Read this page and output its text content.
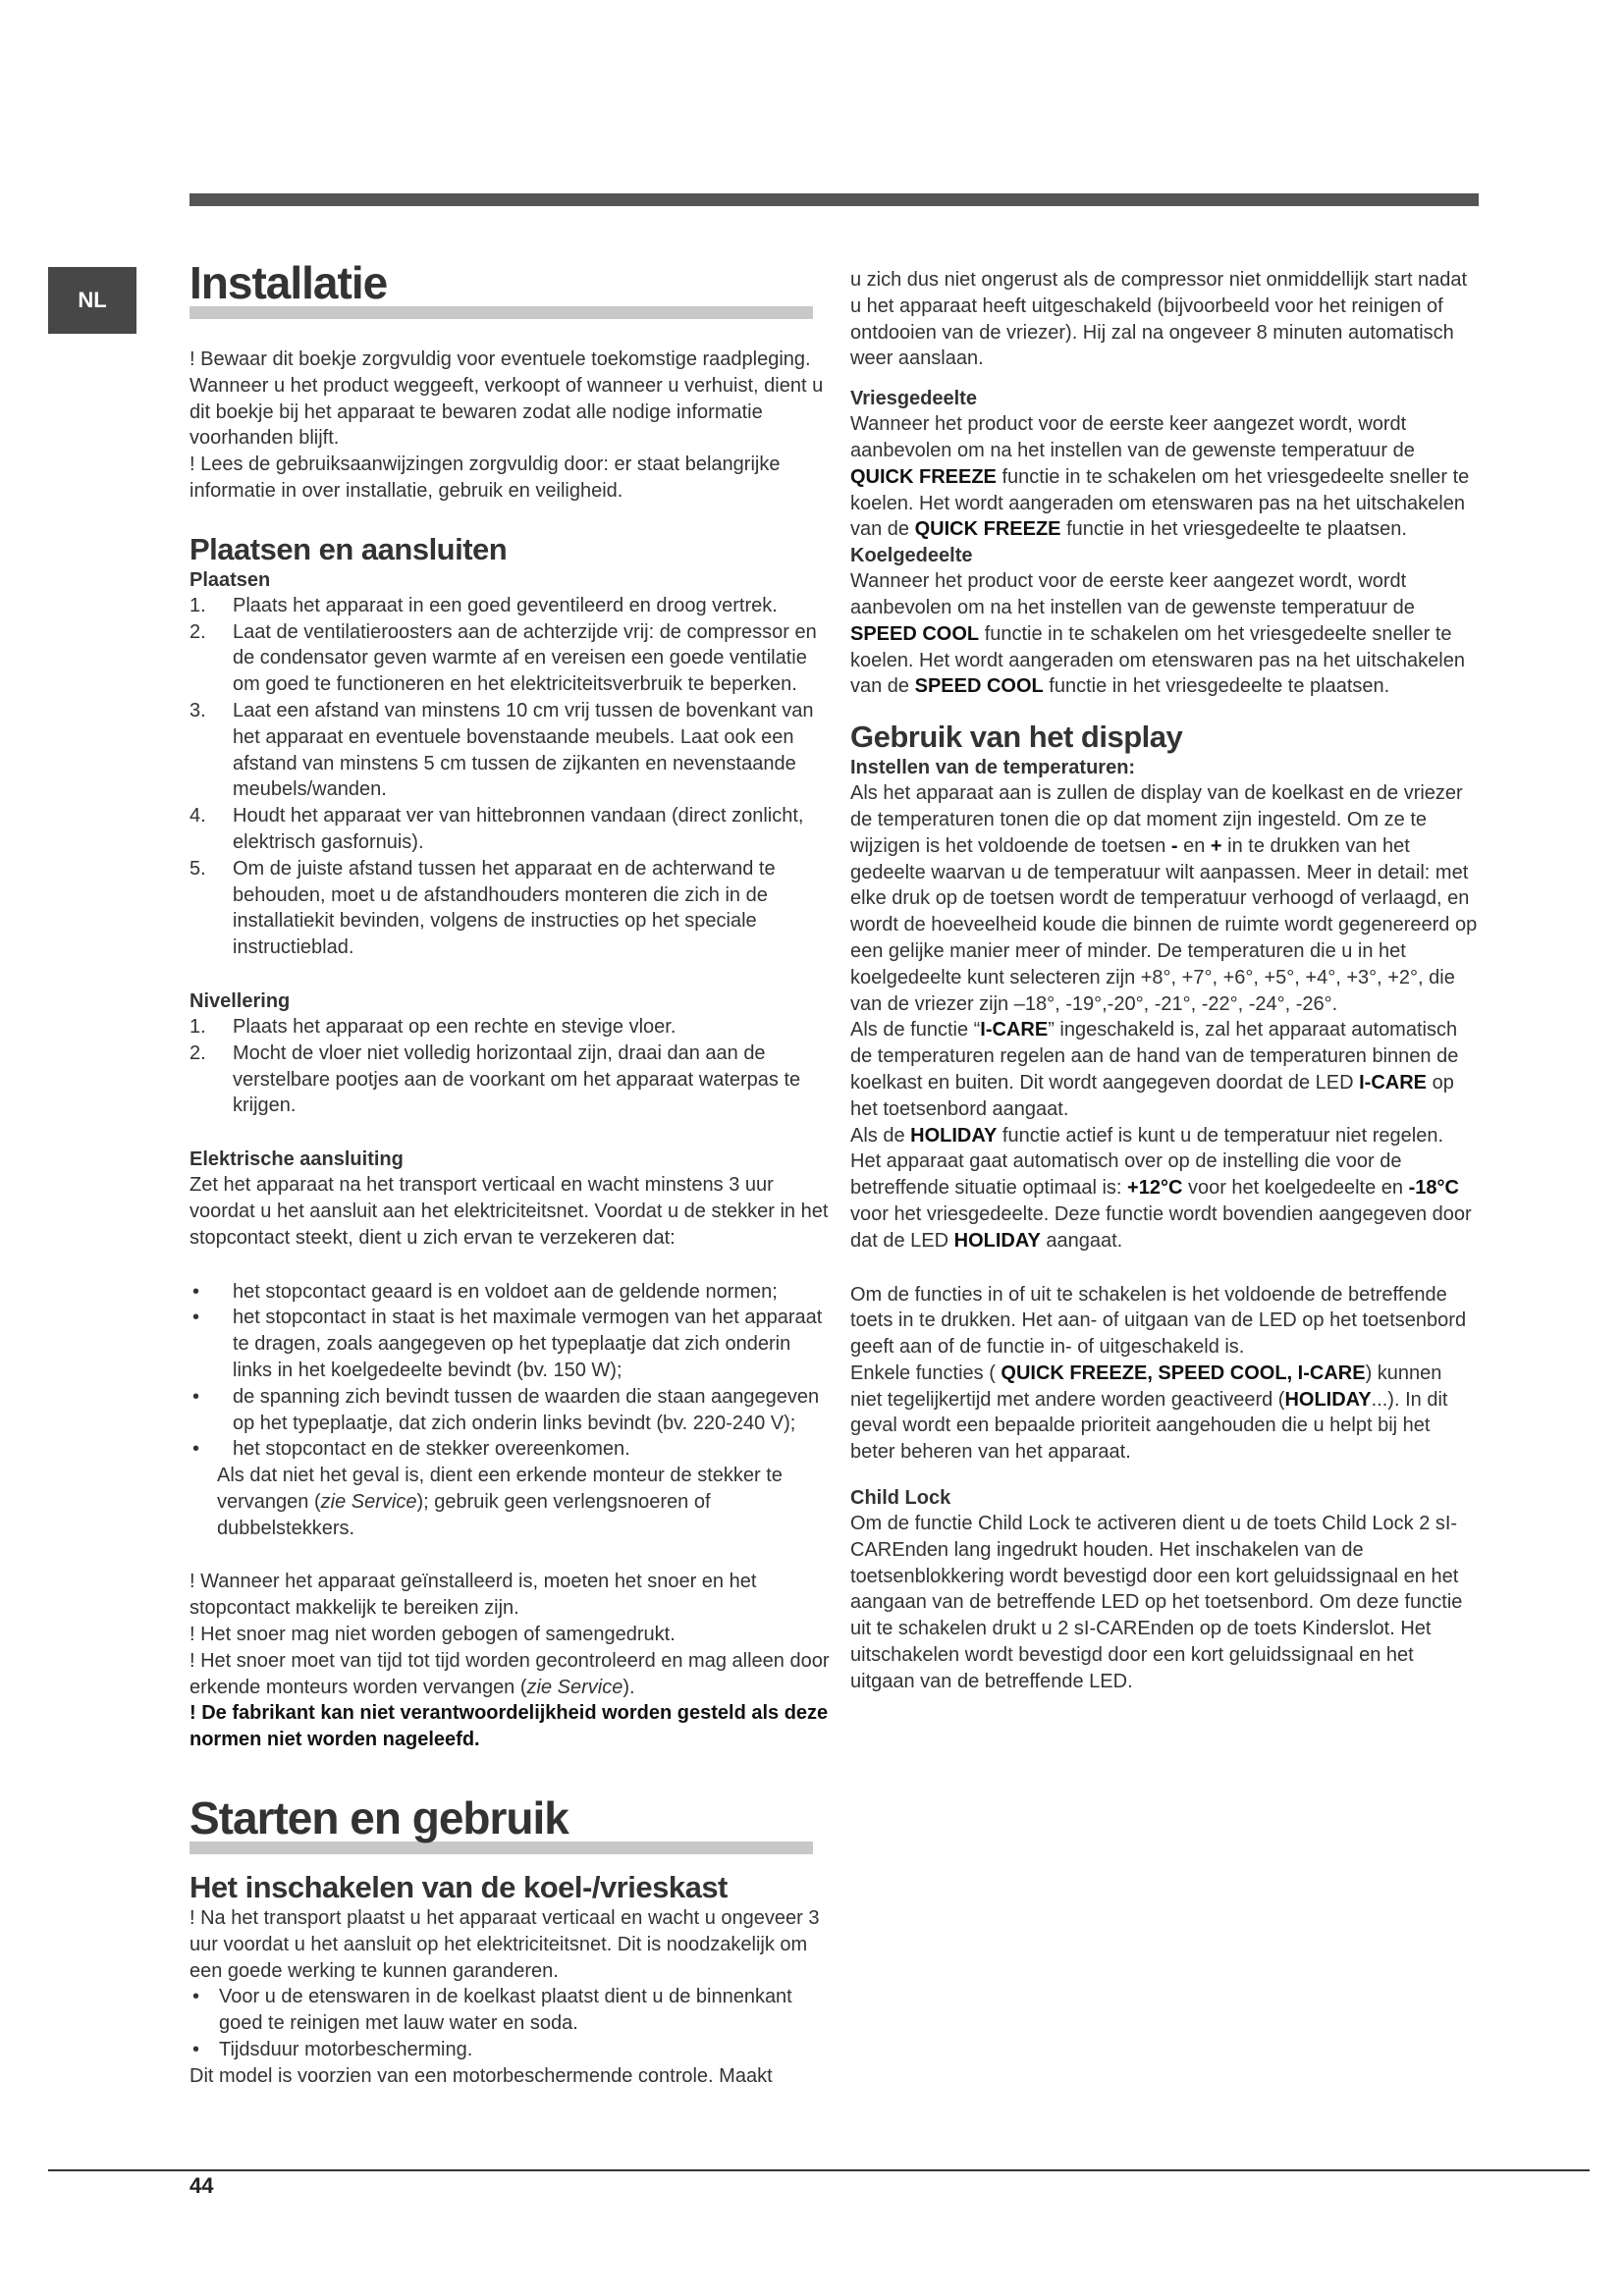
NL	Installatie

! Bewaar dit boekje zorgvuldig voor eventuele toekomstige raadpleging. Wanneer u het product weggeeft, verkoopt of wanneer u verhuist, dient u dit boekje bij het apparaat te bewaren zodat alle nodige informatie voorhanden blijft.

! Lees de gebruiksaanwijzingen zorgvuldig door: er staat belangrijke informatie in over installatie, gebruik en veiligheid.

Plaatsen en aansluiten
Plaatsen
1. Plaats het apparaat in een goed geventileerd en droog vertrek.
2. Laat de ventilatieroosters aan de achterzijde vrij: de compressor en de condensator geven warmte af en vereisen een goede ventilatie om goed te functioneren en het elektriciteitsverbruik te beperken.
3. Laat een afstand van minstens 10 cm vrij tussen de bovenkant van het apparaat en eventuele bovenstaande meubels. Laat ook een afstand van minstens 5 cm tussen de zijkanten en nevenstaande meubels/wanden.
4. Houdt het apparaat ver van hittebronnen vandaan (direct zonlicht, elektrisch gasfornuis).
5. Om de juiste afstand tussen het apparaat en de achterwand te behouden, moet u de afstandhouders monteren die zich in de installatiekit bevinden, volgens de instructies op het speciale instructieblad.
Nivellering
1. Plaats het apparaat op een rechte en stevige vloer.
2. Mocht de vloer niet volledig horizontaal zijn, draai dan aan de verstelbare pootjes aan de voorkant om het apparaat waterpas te krijgen.
Elektrische aansluiting

Zet het apparaat na het transport verticaal en wacht minstens 3 uur voordat u het aansluit aan het elektriciteitsnet. Voordat u de stekker in het stopcontact steekt, dient u zich ervan te verzekeren dat:

• het stopcontact geaard is en voldoet aan de geldende normen;
• het stopcontact in staat is het maximale vermogen van het apparaat te dragen, zoals aangegeven op het typeplaatje dat zich onderin links in het koelgedeelte bevindt (bv. 150 W);
• de spanning zich bevindt tussen de waarden die staan aangegeven op het typeplaatje, dat zich onderin links bevindt (bv. 220-240 V);
• het stopcontact en de stekker overeenkomen.

Als dat niet het geval is, dient een erkende monteur de stekker te vervangen (zie Service); gebruik geen verlengsnoeren of dubbelstekkers.

! Wanneer het apparaat geïnstalleerd is, moeten het snoer en het stopcontact makkelijk te bereiken zijn.

! Het snoer mag niet worden gebogen of samengedrukt.

! Het snoer moet van tijd tot tijd worden gecontroleerd en mag alleen door erkende monteurs worden vervangen (zie Service).

! De fabrikant kan niet verantwoordelijkheid worden gesteld als deze normen niet worden nageleefd.

Starten en gebruik
Het inschakelen van de koel-/vrieskast

! Na het transport plaatst u het apparaat verticaal en wacht u ongeveer 3 uur voordat u het aansluit op het elektriciteitsnet. Dit is noodzakelijk om een goede werking te kunnen garanderen.

• Voor u de etenswaren in de koelkast plaatst dient u de binnenkant goed te reinigen met lauw water en soda.
• Tijdsduur motorbescherming.

Dit model is voorzien van een motorbeschermende controle. Maakt

u zich dus niet ongerust als de compressor niet onmiddellijk start nadat u het apparaat heeft uitgeschakeld (bijvoorbeeld voor het reinigen of ontdooien van de vriezer). Hij zal na ongeveer 8 minuten automatisch weer aanslaan.

Vriesgedeelte

Wanneer het product voor de eerste keer aangezet wordt, wordt aanbevolen om na het instellen van de gewenste temperatuur de QUICK FREEZE functie in te schakelen om het vriesgedeelte sneller te koelen. Het wordt aangeraden om etenswaren pas na het uitschakelen van de QUICK FREEZE functie in het vriesgedeelte te plaatsen.

Koelgedeelte

Wanneer het product voor de eerste keer aangezet wordt, wordt aanbevolen om na het instellen van de gewenste temperatuur de SPEED COOL functie in te schakelen om het vriesgedeelte sneller te koelen. Het wordt aangeraden om etenswaren pas na het uitschakelen van de SPEED COOL functie in het vriesgedeelte te plaatsen.

Gebruik van het display
Instellen van de temperaturen:

Als het apparaat aan is zullen de display van de koelkast en de vriezer de temperaturen tonen die op dat moment zijn ingesteld. Om ze te wijzigen is het voldoende de toetsen - en + in te drukken van het gedeelte waarvan u de temperatuur wilt aanpassen. Meer in detail: met elke druk op de toetsen wordt de temperatuur verhoogd of verlaagd, en wordt de hoeveelheid koude die binnen de ruimte wordt gegenereerd op een gelijke manier meer of minder. De temperaturen die u in het koelgedeelte kunt selecteren zijn +8°, +7°, +6°, +5°, +4°, +3°, +2°, die van de vriezer zijn –18°, -19°,-20°, -21°, -22°, -24°, -26°.

Als de functie “I-CARE” ingeschakeld is, zal het apparaat automatisch de temperaturen regelen aan de hand van de temperaturen binnen de koelkast en buiten. Dit wordt aangegeven doordat de LED I-CARE op het toetsenbord aangaat.

Als de HOLIDAY functie actief is kunt u de temperatuur niet regelen. Het apparaat gaat automatisch over op de instelling die voor de betreffende situatie optimaal is: +12°C voor het koelgedeelte en -18°C voor het vriesgedeelte. Deze functie wordt bovendien aangegeven door dat de LED HOLIDAY aangaat.

Om de functies in of uit te schakelen is het voldoende de betreffende toets in te drukken. Het aan- of uitgaan van de LED op het toetsenbord geeft aan of de functie in- of uitgeschakeld is.

Enkele functies ( QUICK FREEZE, SPEED COOL, I-CARE) kunnen niet tegelijkertijd met andere worden geactiveerd (HOLIDAY...). In dit geval wordt een bepaalde prioriteit aangehouden die u helpt bij het beter beheren van het apparaat.

Child Lock

Om de functie Child Lock te activeren dient u de toets Child Lock 2 sI-CAREnden lang ingedrukt houden. Het inschakelen van de toetsenblokkering wordt bevestigd door een kort geluidssignaal en het aangaan van de betreffende LED op het toetsenbord. Om deze functie uit te schakelen drukt u 2 sI-CAREnden op de toets Kinderslot. Het uitschakelen wordt bevestigd door een kort geluidssignaal en het uitgaan van de betreffende LED.

44
